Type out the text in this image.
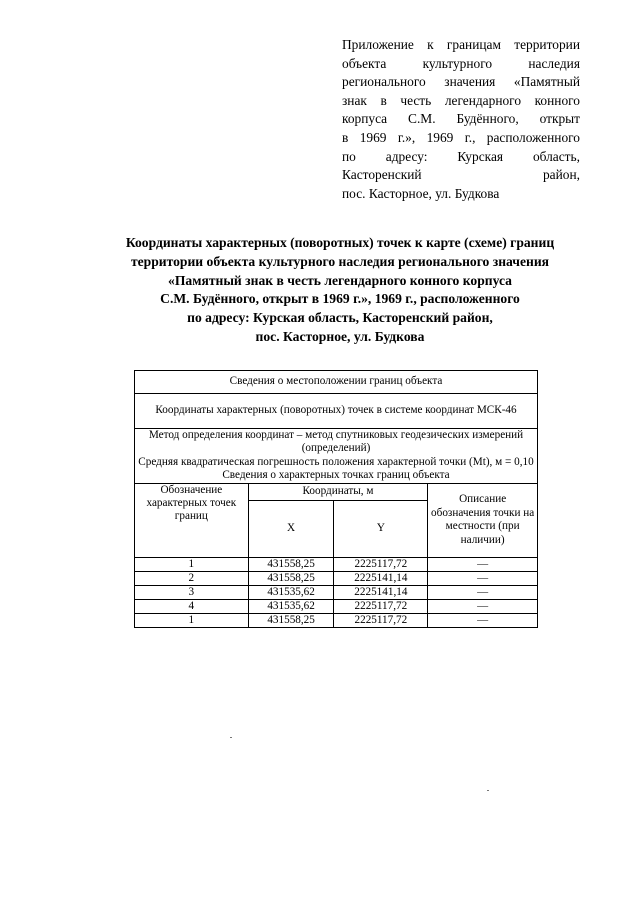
Приложение к границам территории
объекта культурного наследия
регионального значения «Памятный
знак в честь легендарного конного
корпуса С.М. Будённого, открыт
в 1969 г.», 1969 г., расположенного
по адресу: Курская область,
Касторенский район,
пос. Касторное, ул. Будкова
Координаты характерных (поворотных) точек к карте (схеме) границ
территории объекта культурного наследия регионального значения
«Памятный знак в честь легендарного конного корпуса
С.М. Будённого, открыт в 1969 г.», 1969 г., расположенного
по адресу: Курская область, Касторенский район,
пос. Касторное, ул. Будкова
Сведения о местоположении границ объекта			
Координаты характерных (поворотных) точек в системе координат МСК-46			

Метод определения координат – метод спутниковых геодезических измерений (определений)
Средняя квадратическая погрешность положения характерной точки (Mt), м = 0,10
Сведения о характерных точках границ объекта			

Обозначение характерных точек границ	Координаты, м		Описание обозначения точки на местности (при наличии)
	X	Y	
1	431558,25	2225117,72	—
2	431558,25	2225141,14	—
3	431535,62	2225141,14	—
4	431535,62	2225117,72	—
1	431558,25	2225117,72	—
